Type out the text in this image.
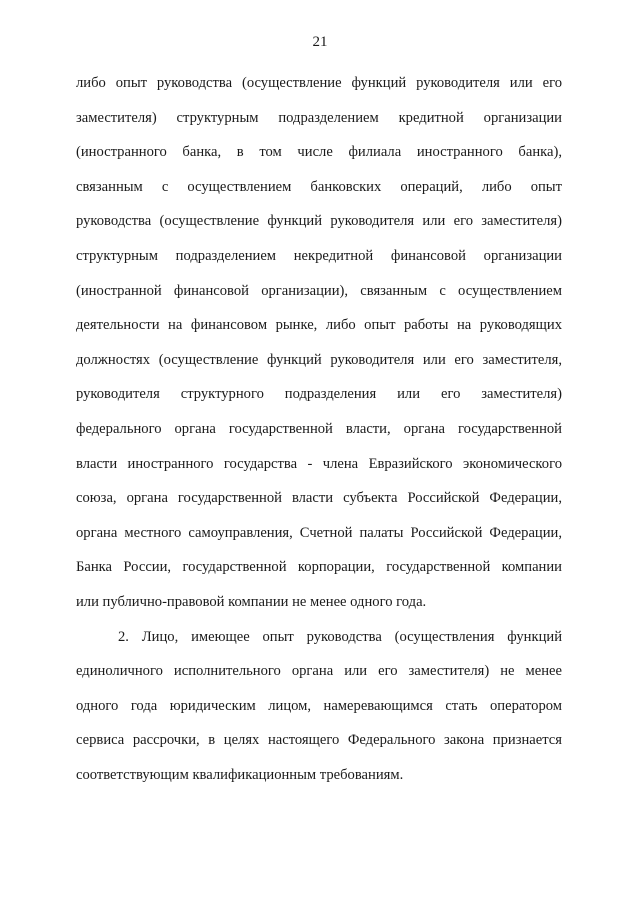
21
либо опыт руководства (осуществление функций руководителя или его
заместителя) структурным подразделением кредитной организации
(иностранного банка, в том числе филиала иностранного банка),
связанным с осуществлением банковских операций, либо опыт
руководства (осуществление функций руководителя или его заместителя)
структурным подразделением некредитной финансовой организации
(иностранной финансовой организации), связанным с осуществлением
деятельности на финансовом рынке, либо опыт работы на руководящих
должностях (осуществление функций руководителя или его заместителя,
руководителя структурного подразделения или его заместителя)
федерального органа государственной власти, органа государственной
власти иностранного государства - члена Евразийского экономического
союза, органа государственной власти субъекта Российской Федерации,
органа местного самоуправления, Счетной палаты Российской Федерации,
Банка России, государственной корпорации, государственной компании
или публично-правовой компании не менее одного года.
2. Лицо, имеющее опыт руководства (осуществления функций
единоличного исполнительного органа или его заместителя) не менее
одного года юридическим лицом, намеревающимся стать оператором
сервиса рассрочки, в целях настоящего Федерального закона признается
соответствующим квалификационным требованиям.
